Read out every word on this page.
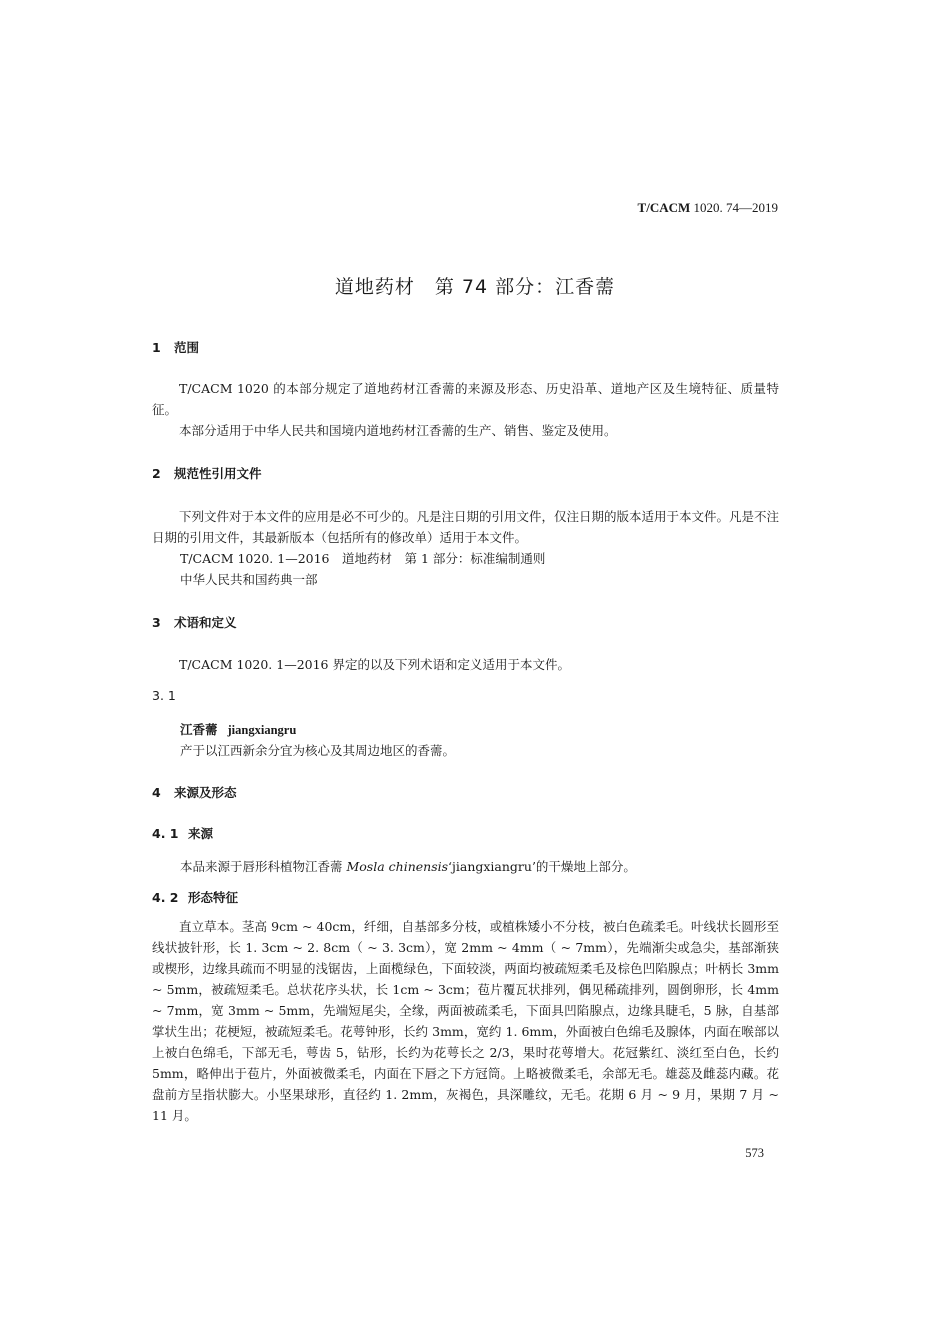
T/CACM 1020. 74—2019
道地药材　第 74 部分：江香薷
1 范围
T/CACM 1020 的本部分规定了道地药材江香薷的来源及形态、历史沿革、道地产区及生境特征、质量特征。
本部分适用于中华人民共和国境内道地药材江香薷的生产、销售、鉴定及使用。
2 规范性引用文件
下列文件对于本文件的应用是必不可少的。凡是注日期的引用文件，仅注日期的版本适用于本文件。凡是不注日期的引用文件，其最新版本（包括所有的修改单）适用于本文件。
T/CACM 1020. 1—2016　道地药材　第 1 部分：标准编制通则
中华人民共和国药典一部
3 术语和定义
T/CACM 1020. 1—2016 界定的以及下列术语和定义适用于本文件。
3. 1
江香薷 jiangxiangru
产于以江西新余分宜为核心及其周边地区的香薷。
4 来源及形态
4. 1 来源
本品来源于唇形科植物江香薷 Mosla chinensis‘jiangxiangru’的干燥地上部分。
4. 2 形态特征
直立草本。茎高 9cm ~ 40cm，纤细，自基部多分枝，或植株矮小不分枝，被白色疏柔毛。叶线状长圆形至线状披针形，长 1. 3cm ~ 2. 8cm（ ~ 3. 3cm），宽 2mm ~ 4mm（ ~ 7mm），先端渐尖或急尖，基部渐狭或楔形，边缘具疏而不明显的浅锯齿，上面榄绿色，下面较淡，两面均被疏短柔毛及棕色凹陷腺点；叶柄长 3mm ~ 5mm，被疏短柔毛。总状花序头状，长 1cm ~ 3cm；苞片覆瓦状排列，偶见稀疏排列，圆倒卵形，长 4mm ~ 7mm，宽 3mm ~ 5mm，先端短尾尖，全缘，两面被疏柔毛，下面具凹陷腺点，边缘具睫毛，5 脉，自基部掌状生出；花梗短，被疏短柔毛。花萼钟形，长约 3mm，宽约 1. 6mm，外面被白色绵毛及腺体，内面在喉部以上被白色绵毛，下部无毛，萼齿 5，钻形，长约为花萼长之 2/3，果时花萼增大。花冠紫红、淡红至白色，长约 5mm，略伸出于苞片，外面被微柔毛，内面在下唇之下方冠筒。上略被微柔毛，余部无毛。雄蕊及雌蕊内藏。花盘前方呈指状膨大。小坚果球形，直径约 1. 2mm，灰褐色，具深雕纹，无毛。花期 6 月 ~ 9 月，果期 7 月 ~ 11 月。
573
